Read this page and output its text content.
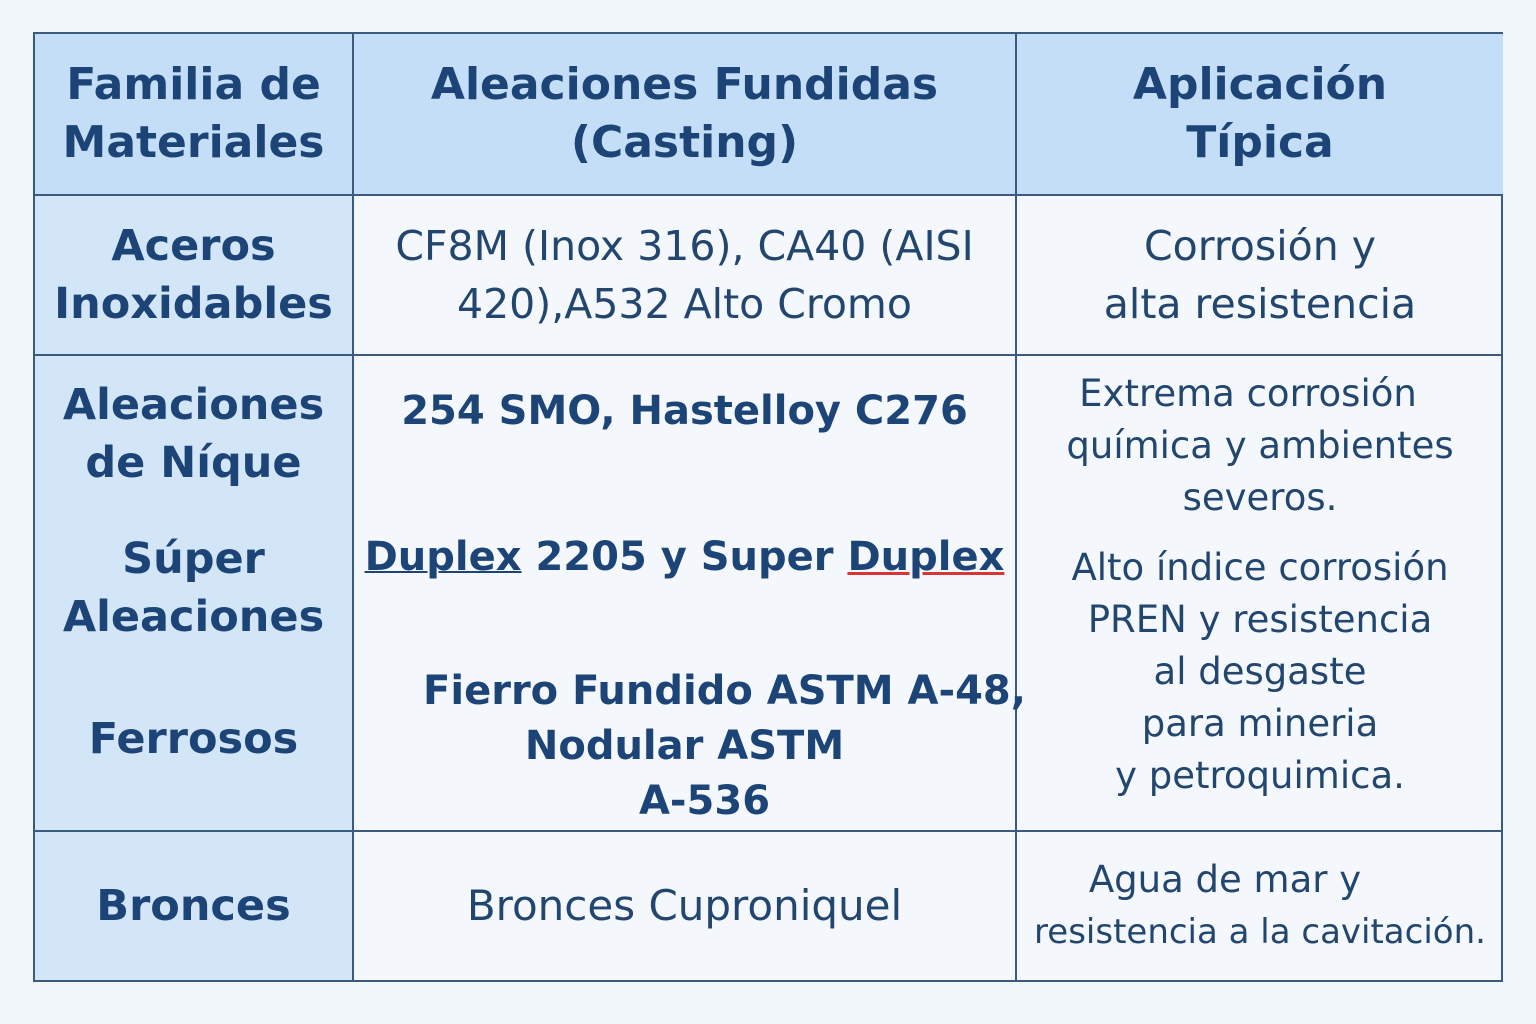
Familia de
Materiales
Aleaciones Fundidas
(Casting)
Aplicación
Típica
Aceros
Inoxidables
CF8M (Inox 316), CA40 (AISI
420),A532 Alto Cromo
Corrosión y
alta resistencia
Aleaciones
de Níque
Súper
Aleaciones
Ferrosos
254 SMO, Hastelloy C276
Duplex 2205 y Super Duplex
Fierro Fundido ASTM A-48,
Nodular ASTM
A-536
Extrema corrosión
química y ambientes
severos.
Alto índice corrosión
PREN y resistencia
al desgaste
para mineria
y petroquimica.
Bronces	Bronces Cuproniquel
Agua de mar y
resistencia a la cavitación.
